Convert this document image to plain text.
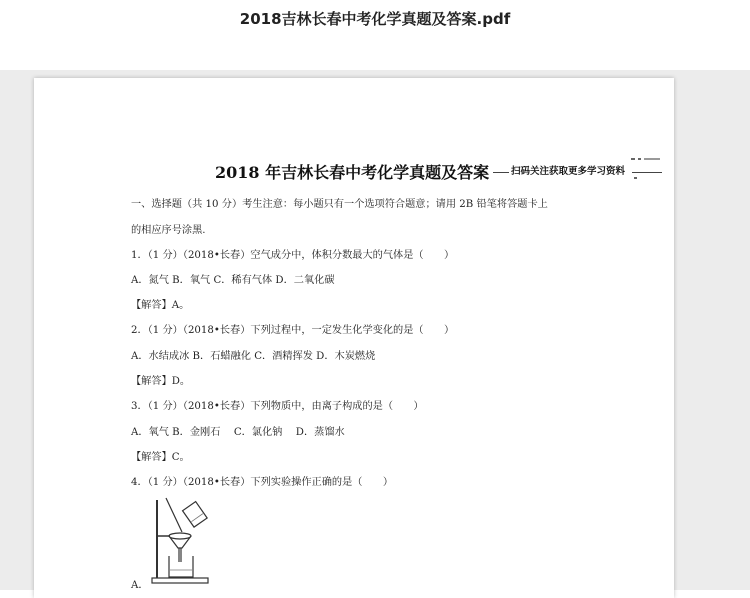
2018吉林长春中考化学真题及答案.pdf
2018 年吉林长春中考化学真题及答案 扫码关注获取更多学习资料
一、选择题（共 10 分）考生注意：每小题只有一个选项符合题意；请用 2B 铅笔将答题卡上
的相应序号涂黑.
1．（1 分）（2018•长春）空气成分中，体积分数最大的气体是（　　）
A．氮气 B．氧气 C．稀有气体 D．二氧化碳
【解答】A。
2．（1 分）（2018•长春）下列过程中，一定发生化学变化的是（　　）
A．水结成冰 B．石蜡融化 C．酒精挥发 D．木炭燃烧
【解答】D。
3．（1 分）（2018•长春）下列物质中，由离子构成的是（　　）
A．氧气 B．金刚石　 C．氯化钠　 D．蒸馏水
【解答】C。
4．（1 分）（2018•长春）下列实验操作正确的是（　　）
A．
